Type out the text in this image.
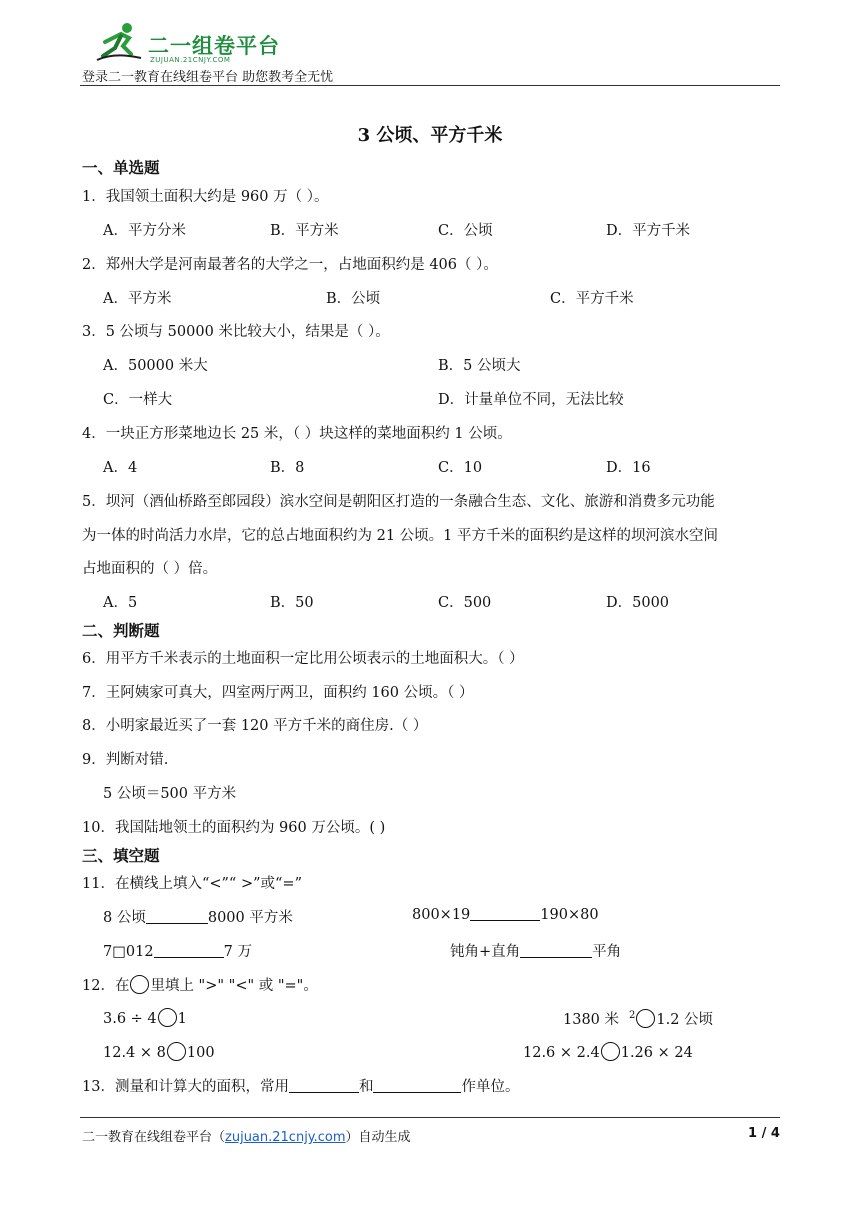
二一组卷平台
ZUJUAN.21CNJY.COM
登录二一教育在线组卷平台 助您教考全无忧
3 公顷、平方千米
一、单选题
1．我国领土面积大约是 960 万（ ）。
A．平方分米	B．平方米	C．公顷	D．平方千米
2．郑州大学是河南最著名的大学之一，占地面积约是 406（ ）。
A．平方米	B．公顷	C．平方千米
3．5 公顷与 50000 米比较大小，结果是（ ）。
A．50000 米大	B．5 公顷大
C．一样大	D．计量单位不同，无法比较
4．一块正方形菜地边长 25 米，（ ）块这样的菜地面积约 1 公顷。
A．4	B．8	C．10	D．16
5．坝河（酒仙桥路至郎园段）滨水空间是朝阳区打造的一条融合生态、文化、旅游和消费多元功能
为一体的时尚活力水岸，它的总占地面积约为 21 公顷。1 平方千米的面积约是这样的坝河滨水空间
占地面积的（ ）倍。
A．5	B．50	C．500	D．5000
二、判断题
6．用平方千米表示的土地面积一定比用公顷表示的土地面积大。（ ）
7．王阿姨家可真大，四室两厅两卫，面积约 160 公顷。（ ）
8．小明家最近买了一套 120 平方千米的商住房.（ ）
9．判断对错.
5 公顷＝500 平方米
10．我国陆地领土的面积约为 960 万公顷。( )
三、填空题
11．在横线上填入“<”“ >”或“=”
8 公顷	8000 平方米	800×19	190×80
7□012	7 万	钝角+直角	平角
12．在 里填上 ">" "<" 或 "="。
3.6 ÷ 4 1	1380 米 $^2$ 1.2 公顷
12.4 × 8 100	12.6 × 2.4 1.26 × 24
13．测量和计算大的面积，常用	和	作单位。
二一教育在线组卷平台（zujuan.21cnjy.com）自动生成	1 / 4
